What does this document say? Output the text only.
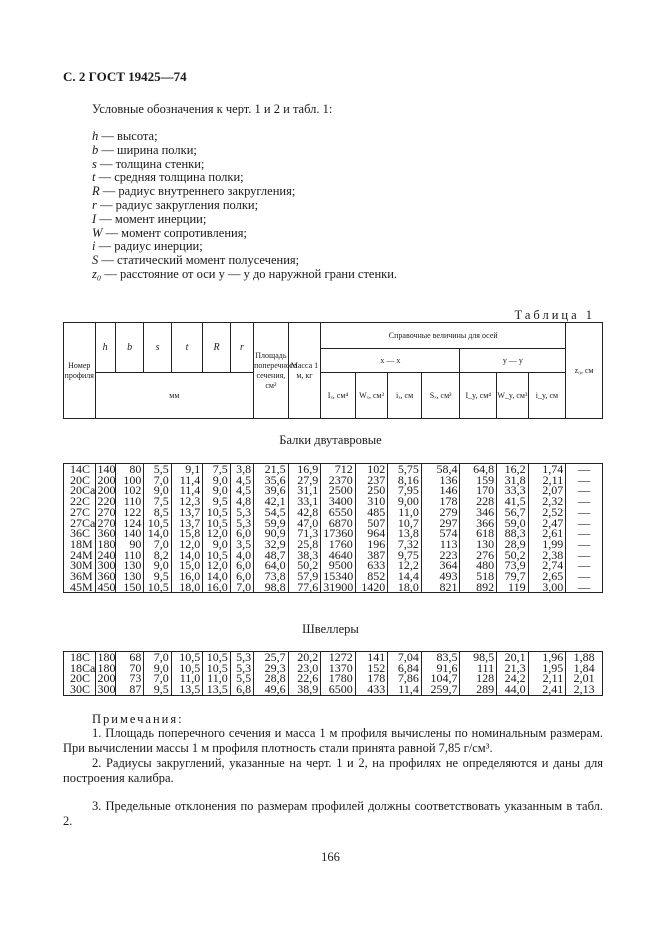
С. 2 ГОСТ 19425—74
Условные обозначения к черт. 1 и 2 и табл. 1:
h — высота;
b — ширина полки;
s — толщина стенки;
t — средняя толщина полки;
R — радиус внутреннего закругления;
r — радиус закругления полки;
I — момент инерции;
W — момент сопротивления;
i — радиус инерции;
S — статический момент полусечения;
z₀ — расстояние от оси y — y до наружной грани стенки.
Таблица 1
Номер профиля	h	b	s	t	R	r	Площадь поперечного сечения, см²	Масса 1 м, кг	Справочные величины для осей							z₀, см
									x — x				y — y			
	мм								Iₓ, см⁴	Wₓ, см³	iₓ, см	Sₓ, см³	I_y, см⁴	W_y, см³	i_y, см	
Балки двутавровые
14С	140	80	5,5	9,1	7,5	3,8	21,5	16,9	712	102	5,75	58,4	64,8	16,2	1,74	—
20С	200	100	7,0	11,4	9,0	4,5	35,6	27,9	2370	237	8,16	136	159	31,8	2,11	—
20Са	200	102	9,0	11,4	9,0	4,5	39,6	31,1	2500	250	7,95	146	170	33,3	2,07	—
22С	220	110	7,5	12,3	9,5	4,8	42,1	33,1	3400	310	9,00	178	228	41,5	2,32	—
27С	270	122	8,5	13,7	10,5	5,3	54,5	42,8	6550	485	11,0	279	346	56,7	2,52	—
27Са	270	124	10,5	13,7	10,5	5,3	59,9	47,0	6870	507	10,7	297	366	59,0	2,47	—
36С	360	140	14,0	15,8	12,0	6,0	90,9	71,3	17360	964	13,8	574	618	88,3	2,61	—
18М	180	90	7,0	12,0	9,0	3,5	32,9	25,8	1760	196	7,32	113	130	28,9	1,99	—
24М	240	110	8,2	14,0	10,5	4,0	48,7	38,3	4640	387	9,75	223	276	50,2	2,38	—
30М	300	130	9,0	15,0	12,0	6,0	64,0	50,2	9500	633	12,2	364	480	73,9	2,74	—
36М	360	130	9,5	16,0	14,0	6,0	73,8	57,9	15340	852	14,4	493	518	79,7	2,65	—
45М	450	150	10,5	18,0	16,0	7,0	98,8	77,6	31900	1420	18,0	821	892	119	3,00	—
Швеллеры
18С	180	68	7,0	10,5	10,5	5,3	25,7	20,2	1272	141	7,04	83,5	98,5	20,1	1,96	1,88
18Са	180	70	9,0	10,5	10,5	5,3	29,3	23,0	1370	152	6,84	91,6	111	21,3	1,95	1,84
20С	200	73	7,0	11,0	11,0	5,5	28,8	22,6	1780	178	7,86	104,7	128	24,2	2,11	2,01
30С	300	87	9,5	13,5	13,5	6,8	49,6	38,9	6500	433	11,4	259,7	289	44,0	2,41	2,13
Примечания:
1. Площадь поперечного сечения и масса 1 м профиля вычислены по номинальным размерам. При вычислении массы 1 м профиля плотность стали принята равной 7,85 г/см³.
2. Радиусы закруглений, указанные на черт. 1 и 2, на профилях не определяются и даны для построения калибра.
3. Предельные отклонения по размерам профилей должны соответствовать указанным в табл. 2.
166
